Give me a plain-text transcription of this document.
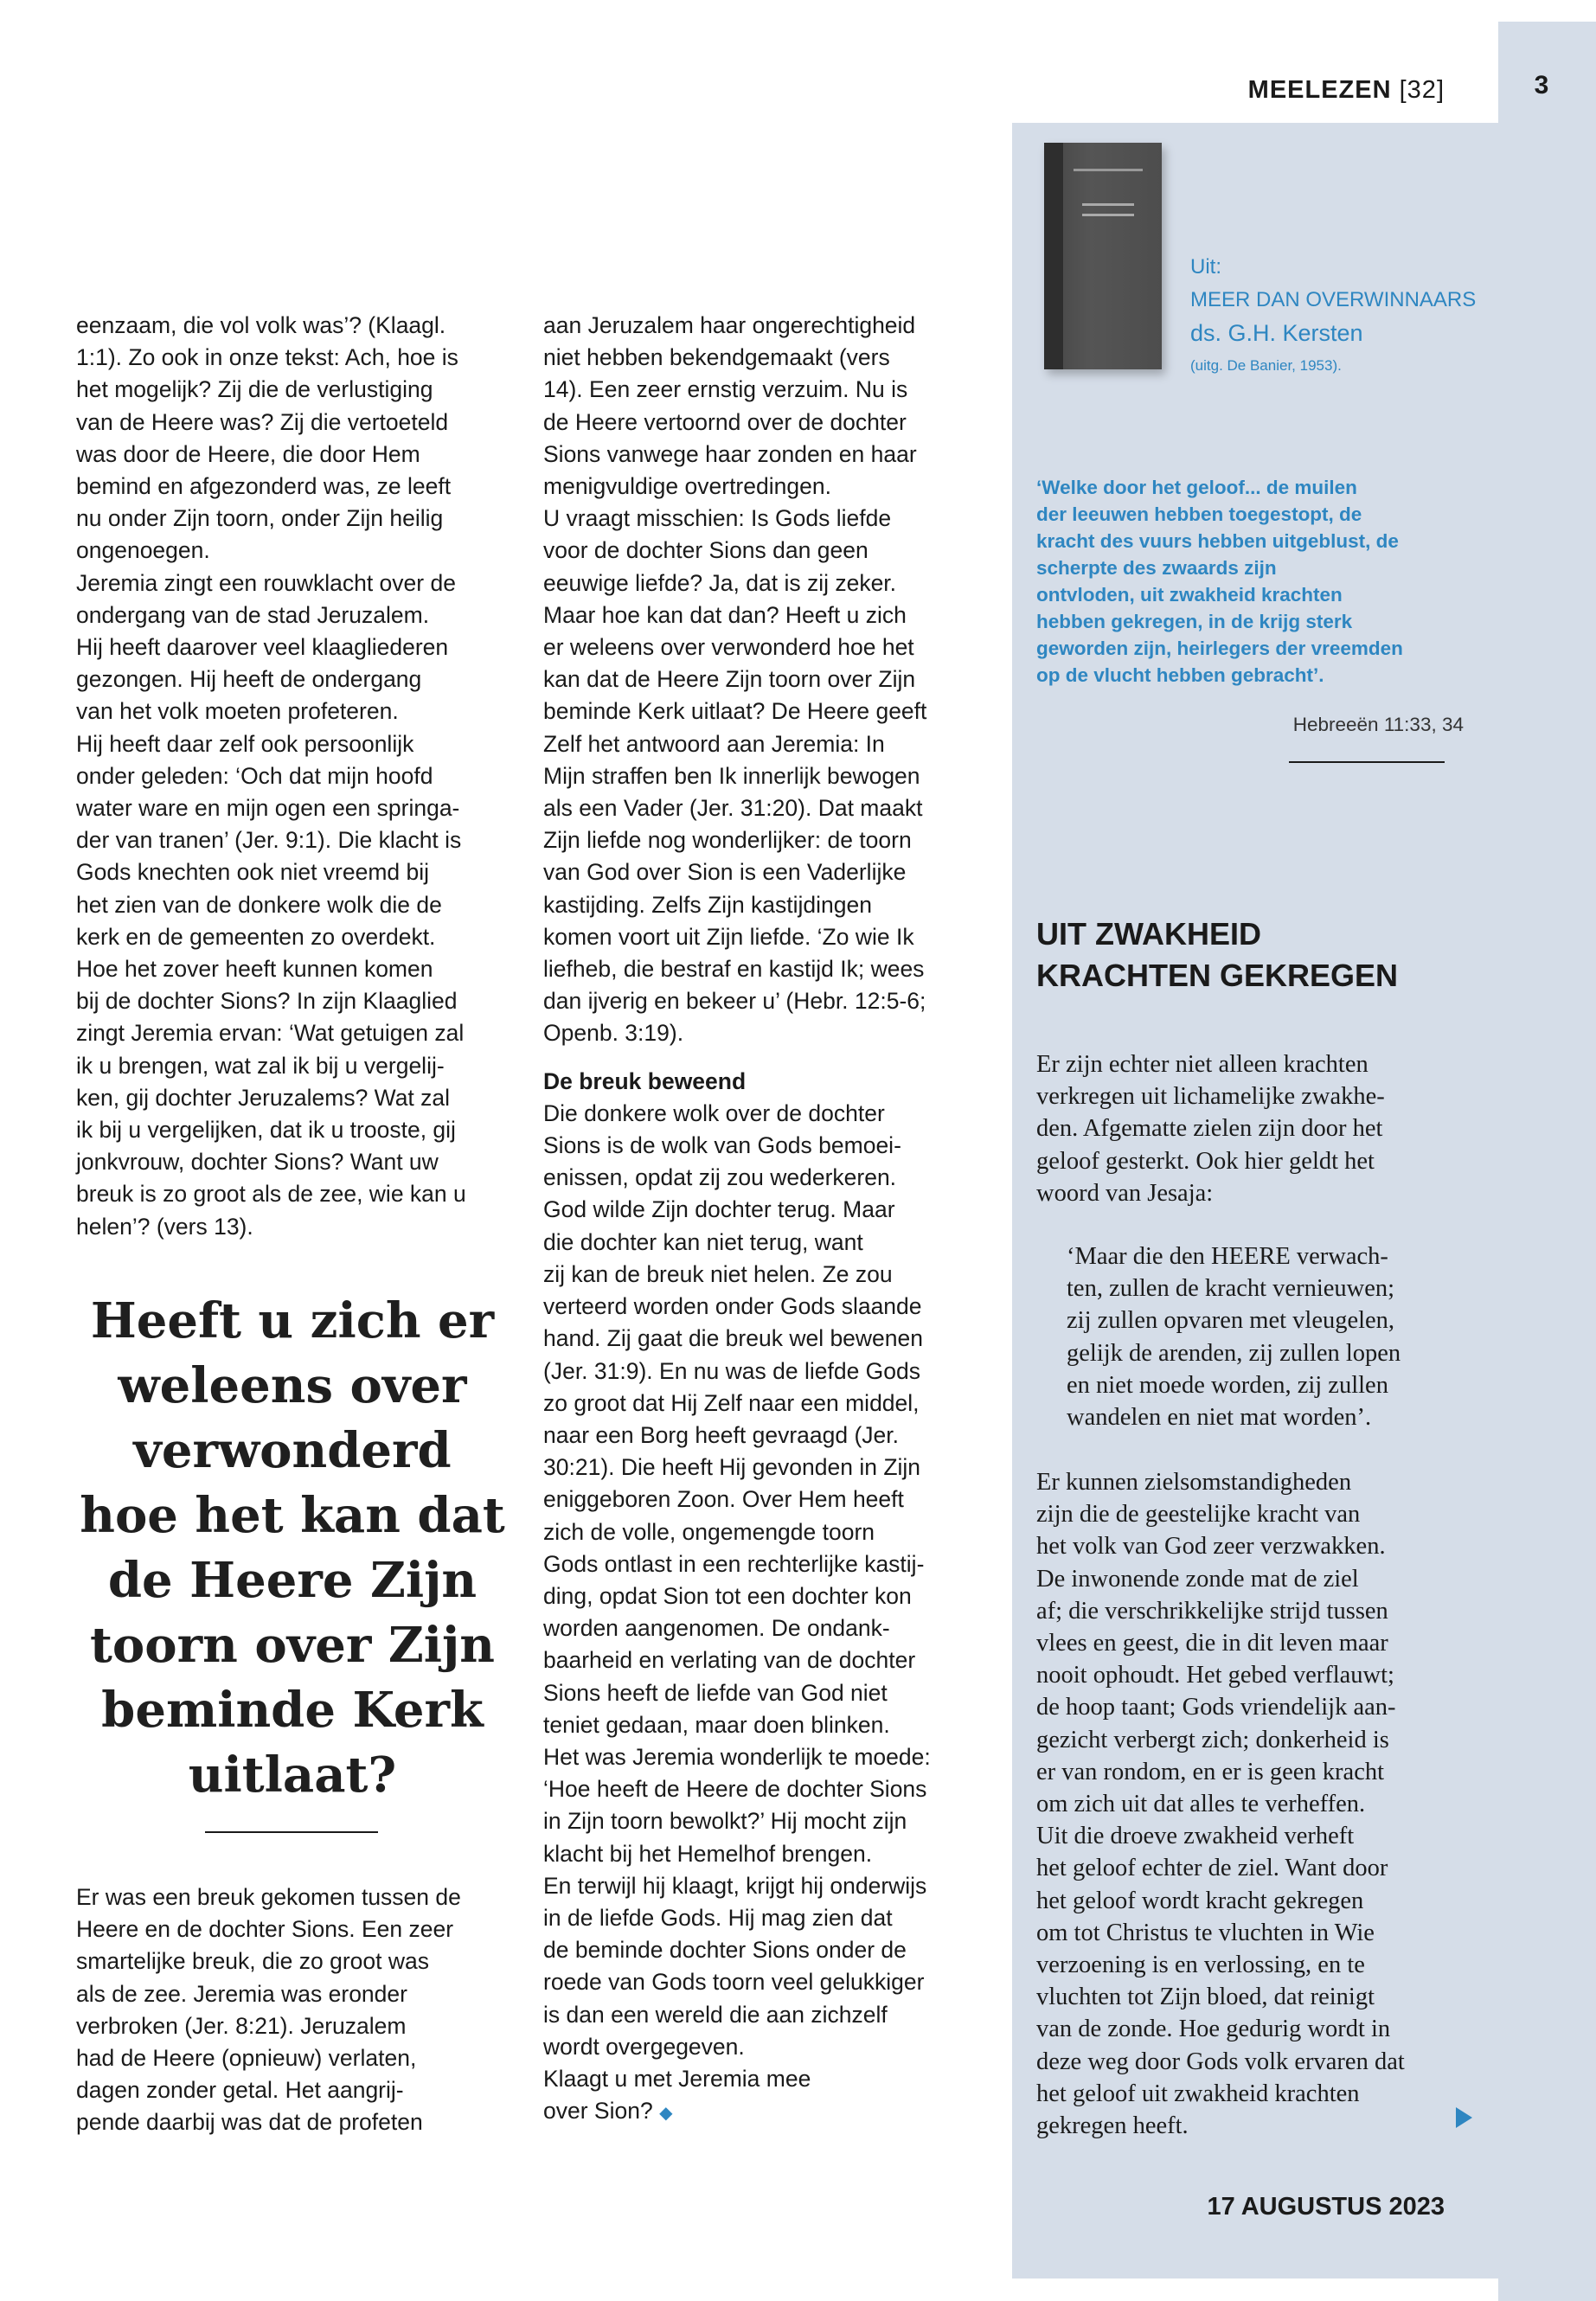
3
MEELEZEN [32]

eenzaam, die vol volk was’? (Klaagl.
1:1). Zo ook in onze tekst: Ach, hoe is
het mogelijk? Zij die de verlustiging
van de Heere was? Zij die vertoeteld
was door de Heere, die door Hem
bemind en afgezonderd was, ze leeft
nu onder Zijn toorn, onder Zijn heilig
ongenoegen.
Jeremia zingt een rouwklacht over de
ondergang van de stad Jeruzalem.
Hij heeft daarover veel klaagliederen
gezongen. Hij heeft de ondergang
van het volk moeten profeteren.
Hij heeft daar zelf ook persoonlijk
onder geleden: ‘Och dat mijn hoofd
water ware en mijn ogen een springa-
der van tranen’ (Jer. 9:1). Die klacht is
Gods knechten ook niet vreemd bij
het zien van de donkere wolk die de
kerk en de gemeenten zo overdekt.
Hoe het zover heeft kunnen komen
bij de dochter Sions? In zijn Klaaglied
zingt Jeremia ervan: ‘Wat getuigen zal
ik u brengen, wat zal ik bij u vergelij-
ken, gij dochter Jeruzalems? Wat zal
ik bij u vergelijken, dat ik u trooste, gij
jonkvrouw, dochter Sions? Want uw
breuk is zo groot als de zee, wie kan u
helen’? (vers 13).

Heeft u zich er
weleens over
verwonderd
hoe het kan dat
de Heere Zijn
toorn over Zijn
beminde Kerk
uitlaat?

Er was een breuk gekomen tussen de
Heere en de dochter Sions. Een zeer
smartelijke breuk, die zo groot was
als de zee. Jeremia was eronder
verbroken (Jer. 8:21). Jeruzalem
had de Heere (opnieuw) verlaten,
dagen zonder getal. Het aangrij-
pende daarbij was dat de profeten

aan Jeruzalem haar ongerechtigheid
niet hebben bekendgemaakt (vers
14). Een zeer ernstig verzuim. Nu is
de Heere vertoornd over de dochter
Sions vanwege haar zonden en haar
menigvuldige overtredingen.
U vraagt misschien: Is Gods liefde
voor de dochter Sions dan geen
eeuwige liefde? Ja, dat is zij zeker.
Maar hoe kan dat dan? Heeft u zich
er weleens over verwonderd hoe het
kan dat de Heere Zijn toorn over Zijn
beminde Kerk uitlaat? De Heere geeft
Zelf het antwoord aan Jeremia: In
Mijn straffen ben Ik innerlijk bewogen
als een Vader (Jer. 31:20). Dat maakt
Zijn liefde nog wonderlijker: de toorn
van God over Sion is een Vaderlijke
kastijding. Zelfs Zijn kastijdingen
komen voort uit Zijn liefde. ‘Zo wie Ik
liefheb, die bestraf en kastijd Ik; wees
dan ijverig en bekeer u’ (Hebr. 12:5-6;
Openb. 3:19).

De breuk beweend

Die donkere wolk over de dochter
Sions is de wolk van Gods bemoei-
enissen, opdat zij zou wederkeren.
God wilde Zijn dochter terug. Maar
die dochter kan niet terug, want
zij kan de breuk niet helen. Ze zou
verteerd worden onder Gods slaande
hand. Zij gaat die breuk wel bewenen
(Jer. 31:9). En nu was de liefde Gods
zo groot dat Hij Zelf naar een middel,
naar een Borg heeft gevraagd (Jer.
30:21). Die heeft Hij gevonden in Zijn
eniggeboren Zoon. Over Hem heeft
zich de volle, ongemengde toorn
Gods ontlast in een rechterlijke kastij-
ding, opdat Sion tot een dochter kon
worden aangenomen. De ondank-
baarheid en verlating van de dochter
Sions heeft de liefde van God niet
teniet gedaan, maar doen blinken.
Het was Jeremia wonderlijk te moede:
‘Hoe heeft de Heere de dochter Sions
in Zijn toorn bewolkt?’ Hij mocht zijn
klacht bij het Hemelhof brengen.
En terwijl hij klaagt, krijgt hij onderwijs
in de liefde Gods. Hij mag zien dat
de beminde dochter Sions onder de
roede van Gods toorn veel gelukkiger
is dan een wereld die aan zichzelf
wordt overgegeven.
Klaagt u met Jeremia mee
over Sion? ◆

Uit:
MEER DAN OVERWINNAARS
ds. G.H. Kersten
(uitg. De Banier, 1953).
‘Welke door het geloof... de muilen
der leeuwen hebben toegestopt, de
kracht des vuurs hebben uitgeblust, de
scherpte des zwaards zijn
ontvloden, uit zwakheid krachten
hebben gekregen, in de krijg sterk
geworden zijn, heirlegers der vreemden
op de vlucht hebben gebracht’.
Hebreeën 11:33, 34
UIT ZWAKHEID
KRACHTEN GEKREGEN
Er zijn echter niet alleen krachten
verkregen uit lichamelijke zwakhe-
den. Afgematte zielen zijn door het
geloof gesterkt. Ook hier geldt het
woord van Jesaja:
‘Maar die den HEERE verwach-
ten, zullen de kracht vernieuwen;
zij zullen opvaren met vleugelen,
gelijk de arenden, zij zullen lopen
en niet moede worden, zij zullen
wandelen en niet mat worden’.
Er kunnen zielsomstandigheden
zijn die de geestelijke kracht van
het volk van God zeer verzwakken.
De inwonende zonde mat de ziel
af; die verschrikkelijke strijd tussen
vlees en geest, die in dit leven maar
nooit ophoudt. Het gebed verflauwt;
de hoop taant; Gods vriendelijk aan-
gezicht verbergt zich; donkerheid is
er van rondom, en er is geen kracht
om zich uit dat alles te verheffen.
Uit die droeve zwakheid verheft
het geloof echter de ziel. Want door
het geloof wordt kracht gekregen
om tot Christus te vluchten in Wie
verzoening is en verlossing, en te
vluchten tot Zijn bloed, dat reinigt
van de zonde. Hoe gedurig wordt in
deze weg door Gods volk ervaren dat
het geloof uit zwakheid krachten
gekregen heeft.
17 AUGUSTUS 2023
